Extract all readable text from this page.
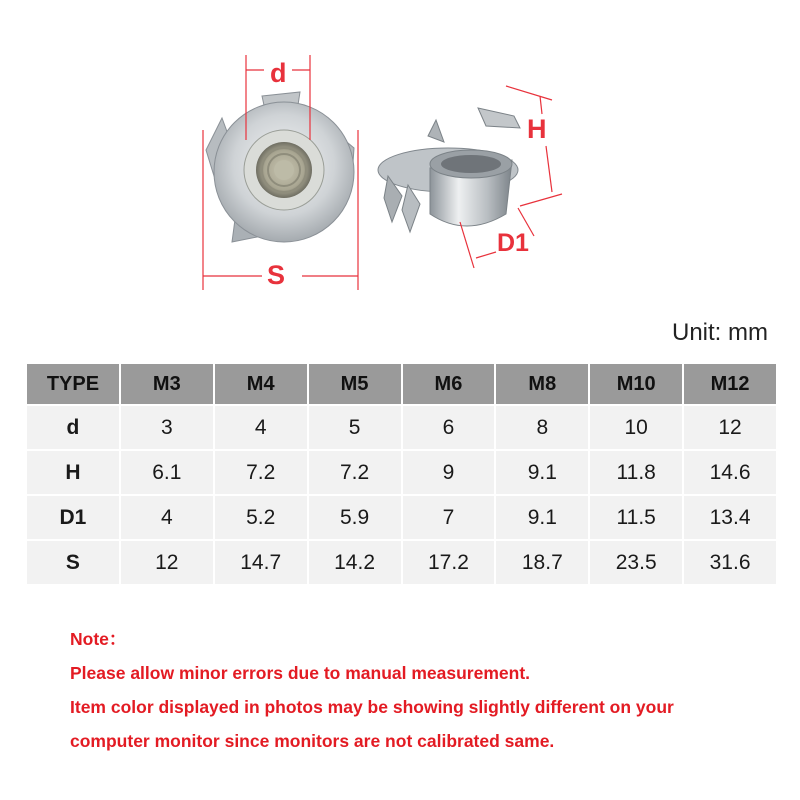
d
S
H
D1
Unit: mm
TYPE	M3	M4	M5	M6	M8	M10	M12
d	3	4	5	6	8	10	12
H	6.1	7.2	7.2	9	9.1	11.8	14.6
D1	4	5.2	5.9	7	9.1	11.5	13.4
S	12	14.7	14.2	17.2	18.7	23.5	31.6
Note：
Please allow minor errors due to manual measurement.
Item color displayed in photos may be showing slightly different on your
computer monitor since monitors are not calibrated same.
